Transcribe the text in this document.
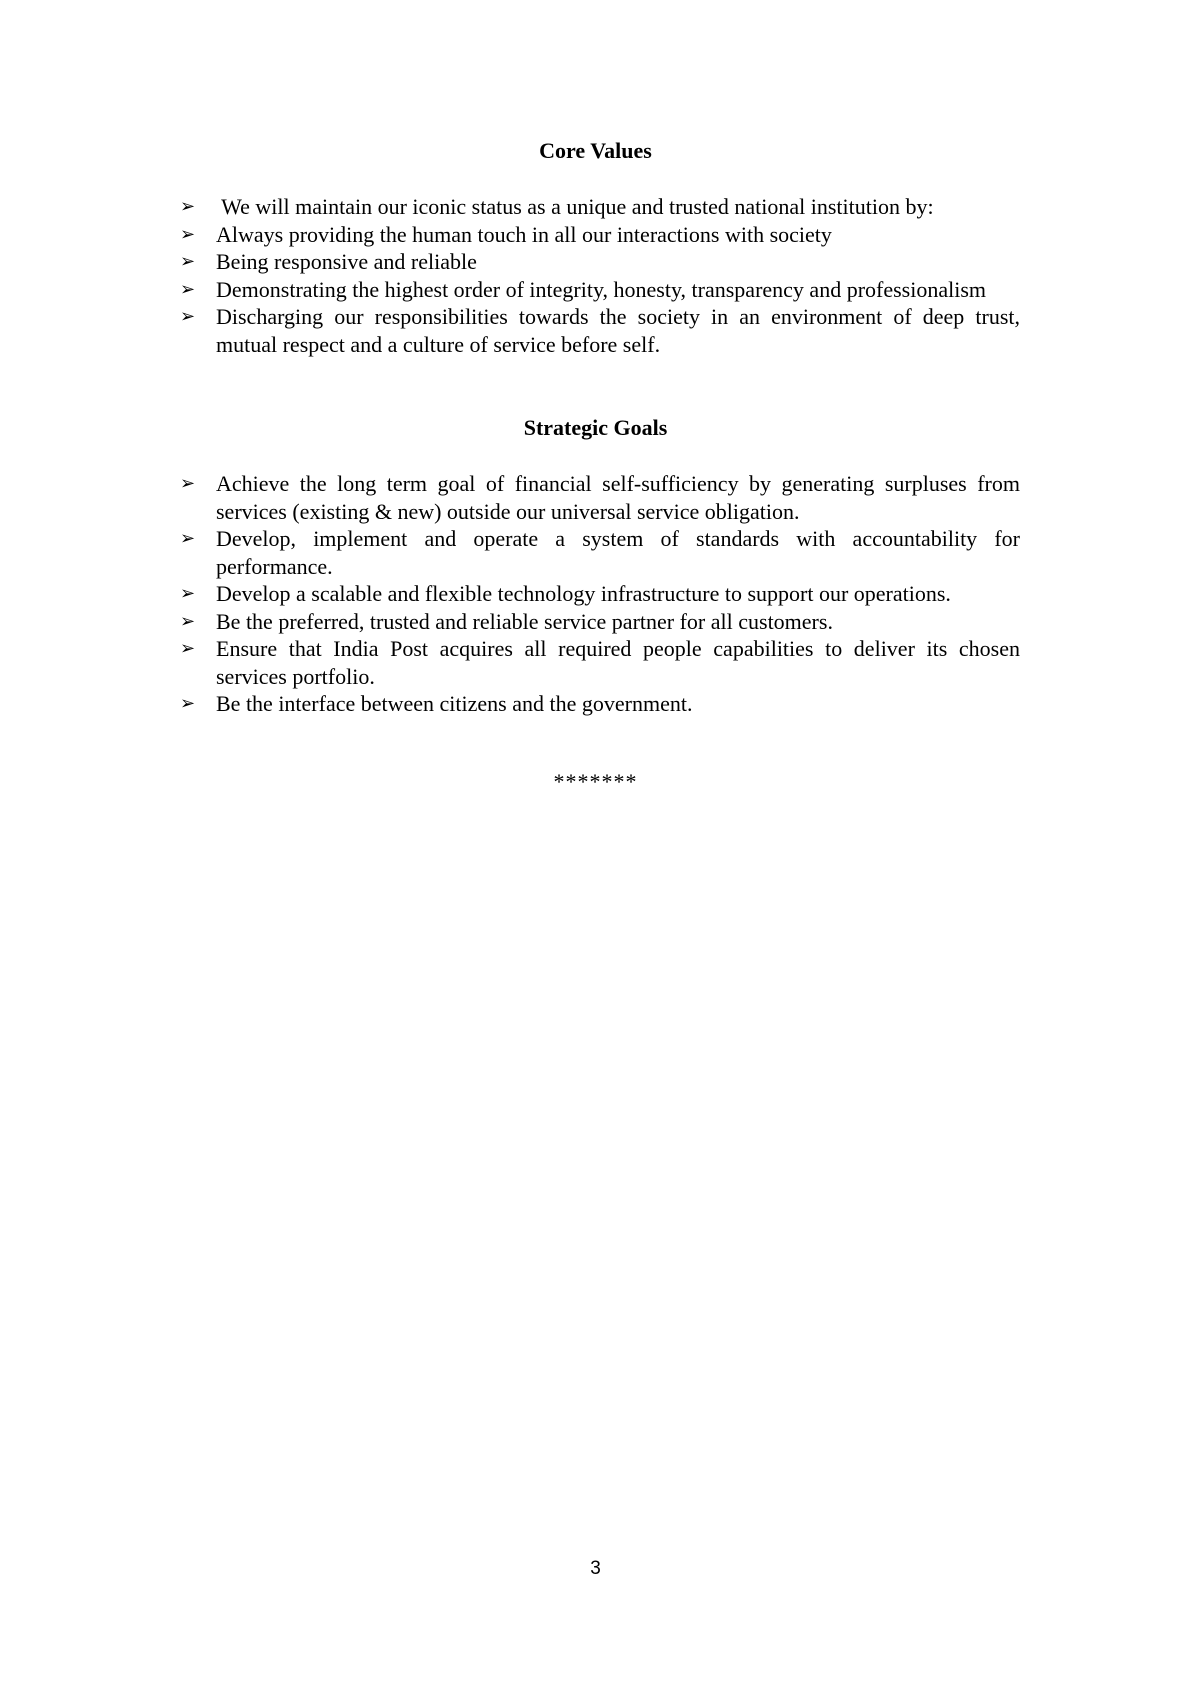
Core Values
➢ We will maintain our iconic status as a unique and trusted national institution by:
➢ Always providing the human touch in all our interactions with society
➢ Being responsive and reliable
➢ Demonstrating the highest order of integrity, honesty, transparency and professionalism
➢ Discharging our responsibilities towards the society in an environment of deep trust, mutual respect and a culture of service before self.
Strategic Goals
➢ Achieve the long term goal of financial self-sufficiency by generating surpluses from services (existing & new) outside our universal service obligation.
➢ Develop, implement and operate a system of standards with accountability for performance.
➢ Develop a scalable and flexible technology infrastructure to support our operations.
➢ Be the preferred, trusted and reliable service partner for all customers.
➢ Ensure that India Post acquires all required people capabilities to deliver its chosen services portfolio.
➢ Be the interface between citizens and the government.
*******
3
